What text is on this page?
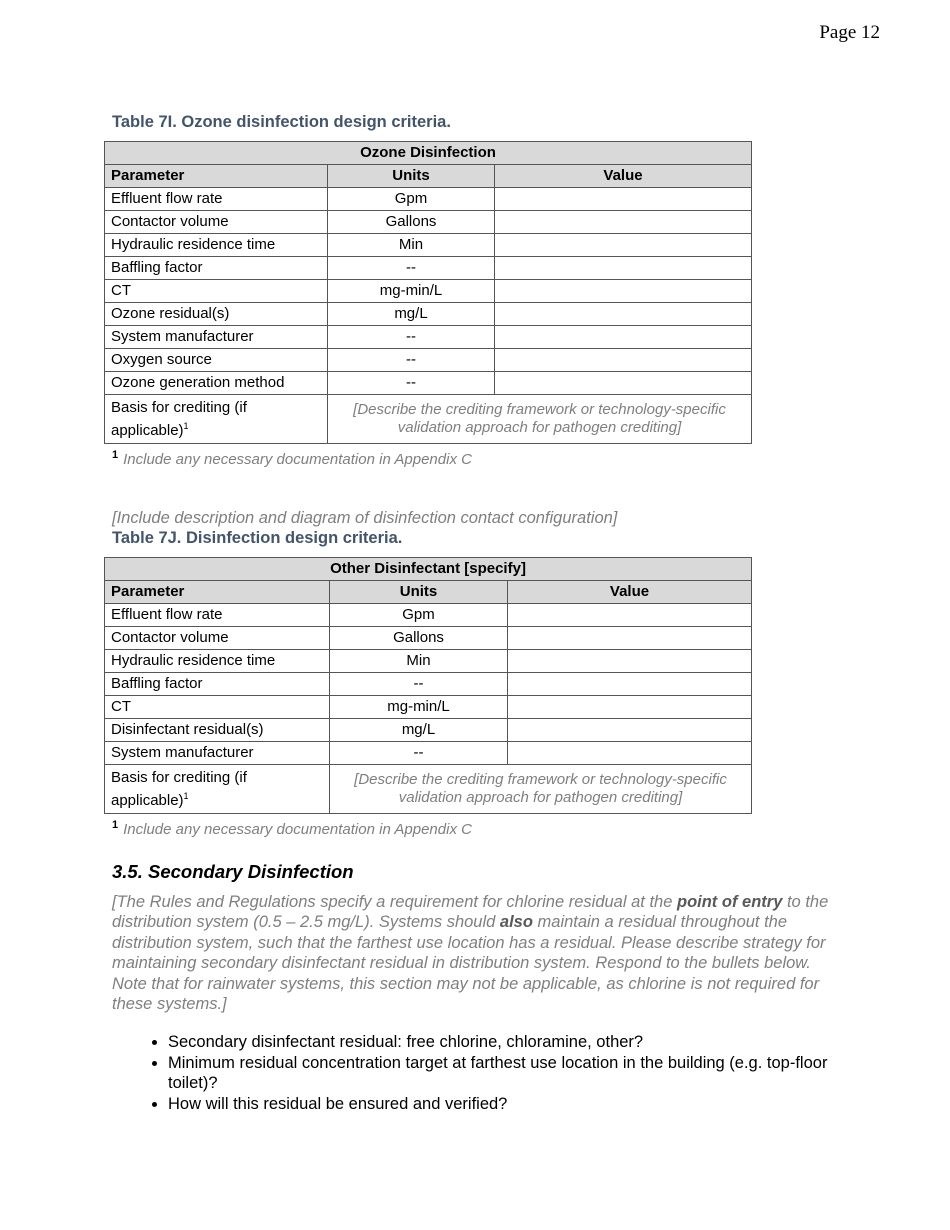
Page 12
Table 7I. Ozone disinfection design criteria.
Ozone Disinfection		
Parameter	Units	Value
Effluent flow rate	Gpm	
Contactor volume	Gallons	
Hydraulic residence time	Min	
Baffling factor	--	
CT	mg-min/L	
Ozone residual(s)	mg/L	
System manufacturer	--	
Oxygen source	--	
Ozone generation method	--	
Basis for crediting (if applicable)$^1$	[Describe the crediting framework or technology-specific validation approach for pathogen crediting]	
$^1$ Include any necessary documentation in Appendix C
[Include description and diagram of disinfection contact configuration]
Table 7J. Disinfection design criteria.
Other Disinfectant [specify]		
Parameter	Units	Value
Effluent flow rate	Gpm	
Contactor volume	Gallons	
Hydraulic residence time	Min	
Baffling factor	--	
CT	mg-min/L	
Disinfectant residual(s)	mg/L	
System manufacturer	--	
Basis for crediting (if applicable)$^1$	[Describe the crediting framework or technology-specific validation approach for pathogen crediting]	
$^1$ Include any necessary documentation in Appendix C
3.5. Secondary Disinfection
[The Rules and Regulations specify a requirement for chlorine residual at the point of entry to the distribution system (0.5 – 2.5 mg/L). Systems should also maintain a residual throughout the distribution system, such that the farthest use location has a residual. Please describe strategy for maintaining secondary disinfectant residual in distribution system. Respond to the bullets below. Note that for rainwater systems, this section may not be applicable, as chlorine is not required for these systems.]
• Secondary disinfectant residual: free chlorine, chloramine, other?
• Minimum residual concentration target at farthest use location in the building (e.g. top-floor toilet)?
• How will this residual be ensured and verified?
